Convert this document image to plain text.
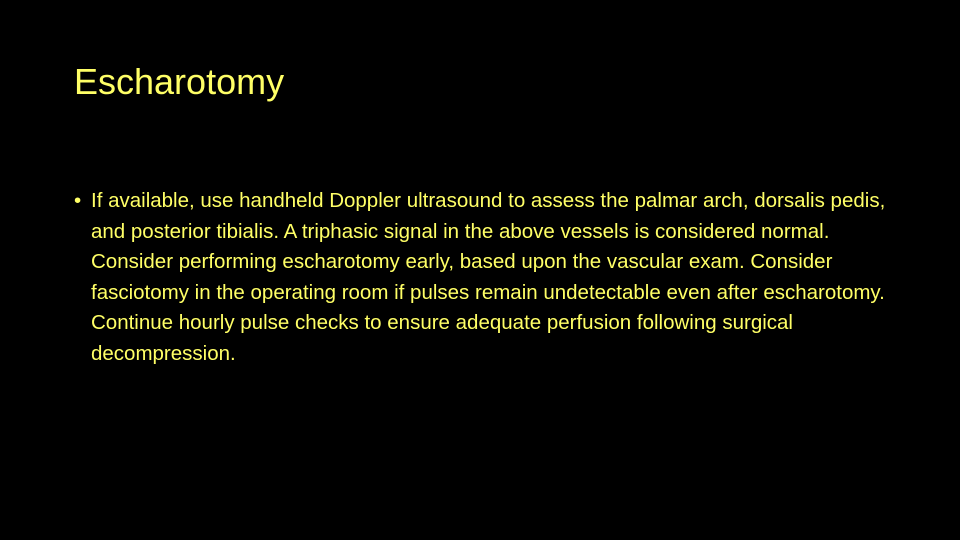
Escharotomy
• If available, use handheld Doppler ultrasound to assess the palmar arch, dorsalis pedis, and posterior tibialis. A triphasic signal in the above vessels is considered normal. Consider performing escharotomy early, based upon the vascular exam. Consider fasciotomy in the operating room if pulses remain undetectable even after escharotomy. Continue hourly pulse checks to ensure adequate perfusion following surgical decompression.
